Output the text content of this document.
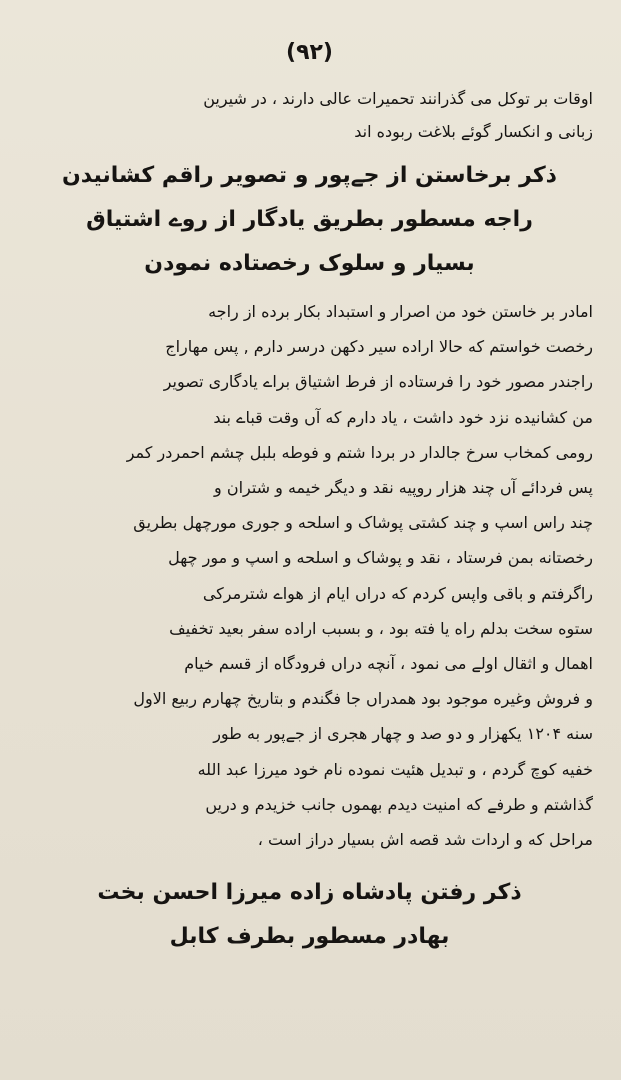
(۹۲)
اوقات بر توکل می گذرانند تحمیرات عالی دارند ، در شیرین
زبانی و انکسار گوئے بلاغت ربوده اند
ذکر برخاستن از جےپور و تصویر راقم کشانیدن
راجه مسطور بطریق یادگار از روے اشتیاق
بسیار و سلوک رخصتاده نمودن
امادر بر خاستن خود من اصرار و استبداد بکار برده از راجه
رخصت خواستم که حالا اراده سیر دکهن درسر دارم , پس مهاراج
راجندر مصور خود را فرستاده از فرط اشتیاق براے یادگاری تصویر
من کشانیده نزد خود داشت ، یاد دارم که آں وقت قباے بند
رومی کمخاب سرخ جالدار در بردا شتم و فوطه بلبل چشم احمردر کمر
پس فردائے آں چند هزار روپیه نقد و دیگر خیمه و شتران و
چند راس اسپ و چند کشتی پوشاک و اسلحه و جوری مورچهل بطریق
رخصتانه بمن فرستاد ، نقد و پوشاک و اسلحه و اسپ و مور چهل
راگرفتم و باقی واپس کردم که دراں ایام از هواے شترمرکی
ستوه سخت بدلم راه یا فته بود ، و بسبب اراده سفر بعید تخفیف
اهمال و اثقال اولے می نمود ، آنچه دراں فرودگاه از قسم خیام
و فروش وغیره موجود بود همدراں جا فگندم و بتاریخ چهارم ربیع الاول
سنه ۱۲۰۴ یکهزار و دو صد و چهار هجری از جےپور به طور
خفیه کوچ گردم ، و تبدیل هئیت نموده نام خود میرزا عبد الله
گذاشتم و طرفے که امنیت دیدم بهموں جانب خزیدم و دریں
مراحل که و اردات شد قصه اش بسیار دراز است ،
ذکر رفتن پادشاه زاده میرزا احسن بخت
بهادر مسطور بطرف کابل
